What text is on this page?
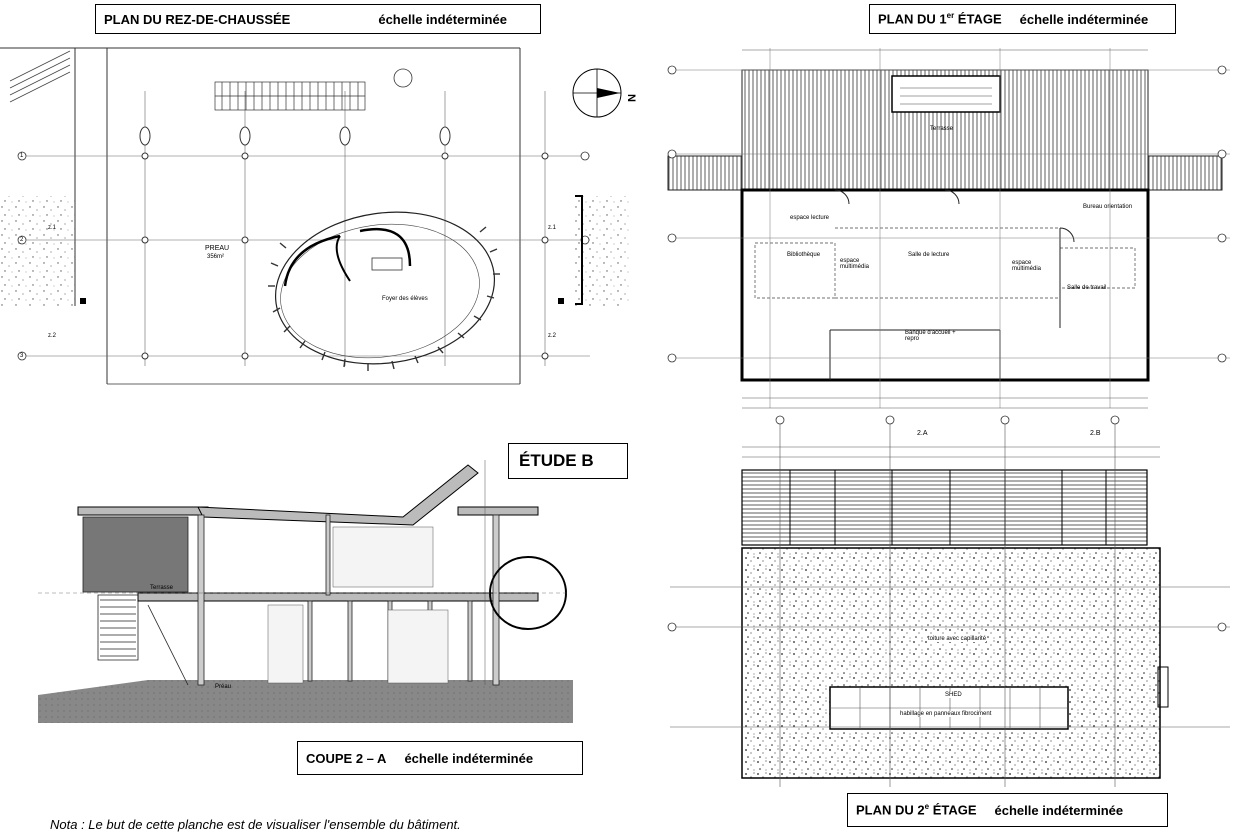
PLAN DU REZ-DE-CHAUSSÉE	échelle indéterminée	PLAN DU 1er ÉTAGE échelle indéterminée
ÉTUDE B
COUPE 2 – A échelle indéterminée
PLAN DU 2e ÉTAGE échelle indéterminée
Nota : Le but de cette planche est de visualiser l'ensemble du bâtiment.
N
PREAU
356m²
Foyer des élèves
z.1
z.2
z.1
z.2
1
2
3
Terrasse
espace lecture
Bibliothèque
espace multimédia
Salle de lecture
espace multimédia
Bureau orientation
Salle de travail
Banque d'accueil + repro
Terrasse
Préau
2.A	2.B
toiture avec capillarité
SHED
habillage en panneaux fibrociment
